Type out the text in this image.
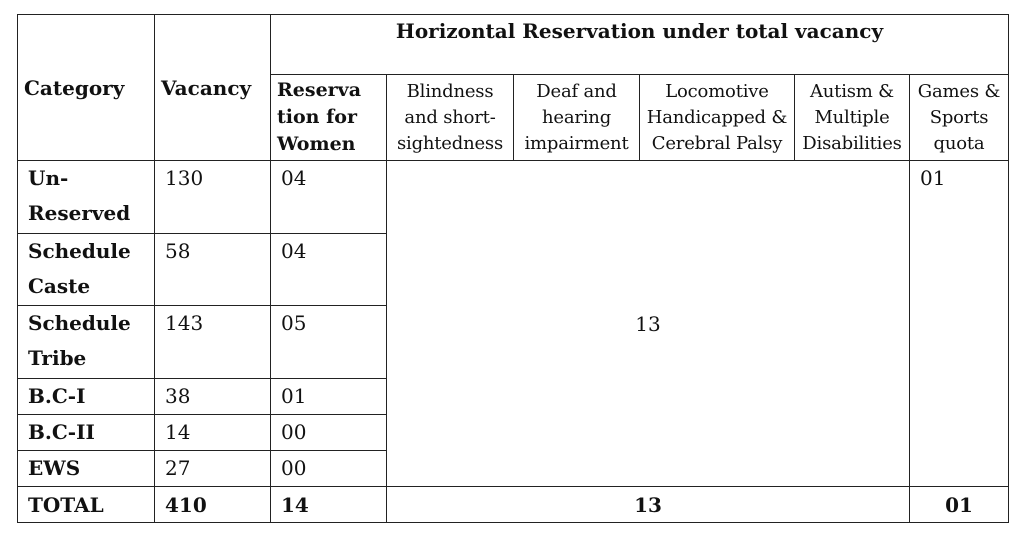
Category	Vacancy	Horizontal Reservation under total vacancy					
		Reserva tion for Women	Blindness and short-sightedness	Deaf and hearing impairment	Locomotive Handicapped & Cerebral Palsy	Autism & Multiple Disabilities	Games & Sports quota
Un-Reserved	130	04	13				01
Schedule Caste	58	04					
Schedule Tribe	143	05					
B.C-I	38	01					
B.C-II	14	00					
EWS	27	00					
TOTAL	410	14	13				01
